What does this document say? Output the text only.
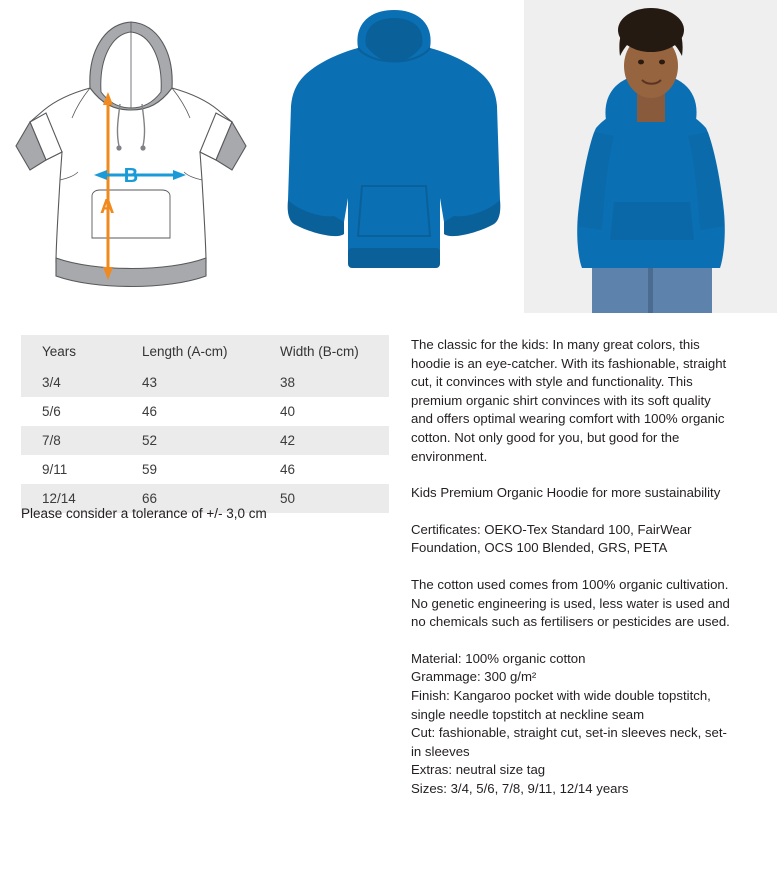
A
B
Years	Length (A-cm)	Width (B-cm)
3/4	43	38
5/6	46	40
7/8	52	42
9/11	59	46
12/14	66	50
Please consider a tolerance of +/- 3,0 cm

The classic for the kids: In many great colors, this hoodie is an eye-catcher. With its fashionable, straight cut, it convinces with style and functionality. This premium organic shirt convinces with its soft quality and offers optimal wearing comfort with 100% organic cotton. Not only good for you, but good for the environment.

Kids Premium Organic Hoodie for more sustainability

Certificates: OEKO-Tex Standard 100, FairWear Foundation, OCS 100 Blended, GRS, PETA

The cotton used comes from 100% organic cultivation. No genetic engineering is used, less water is used and no chemicals such as fertilisers or pesticides are used.

Material: 100% organic cotton
Grammage: 300 g/m²
Finish: Kangaroo pocket with wide double topstitch, single needle topstitch at neckline seam
Cut: fashionable, straight cut, set-in sleeves neck, set-in sleeves
Extras: neutral size tag
Sizes: 3/4, 5/6, 7/8, 9/11, 12/14 years
